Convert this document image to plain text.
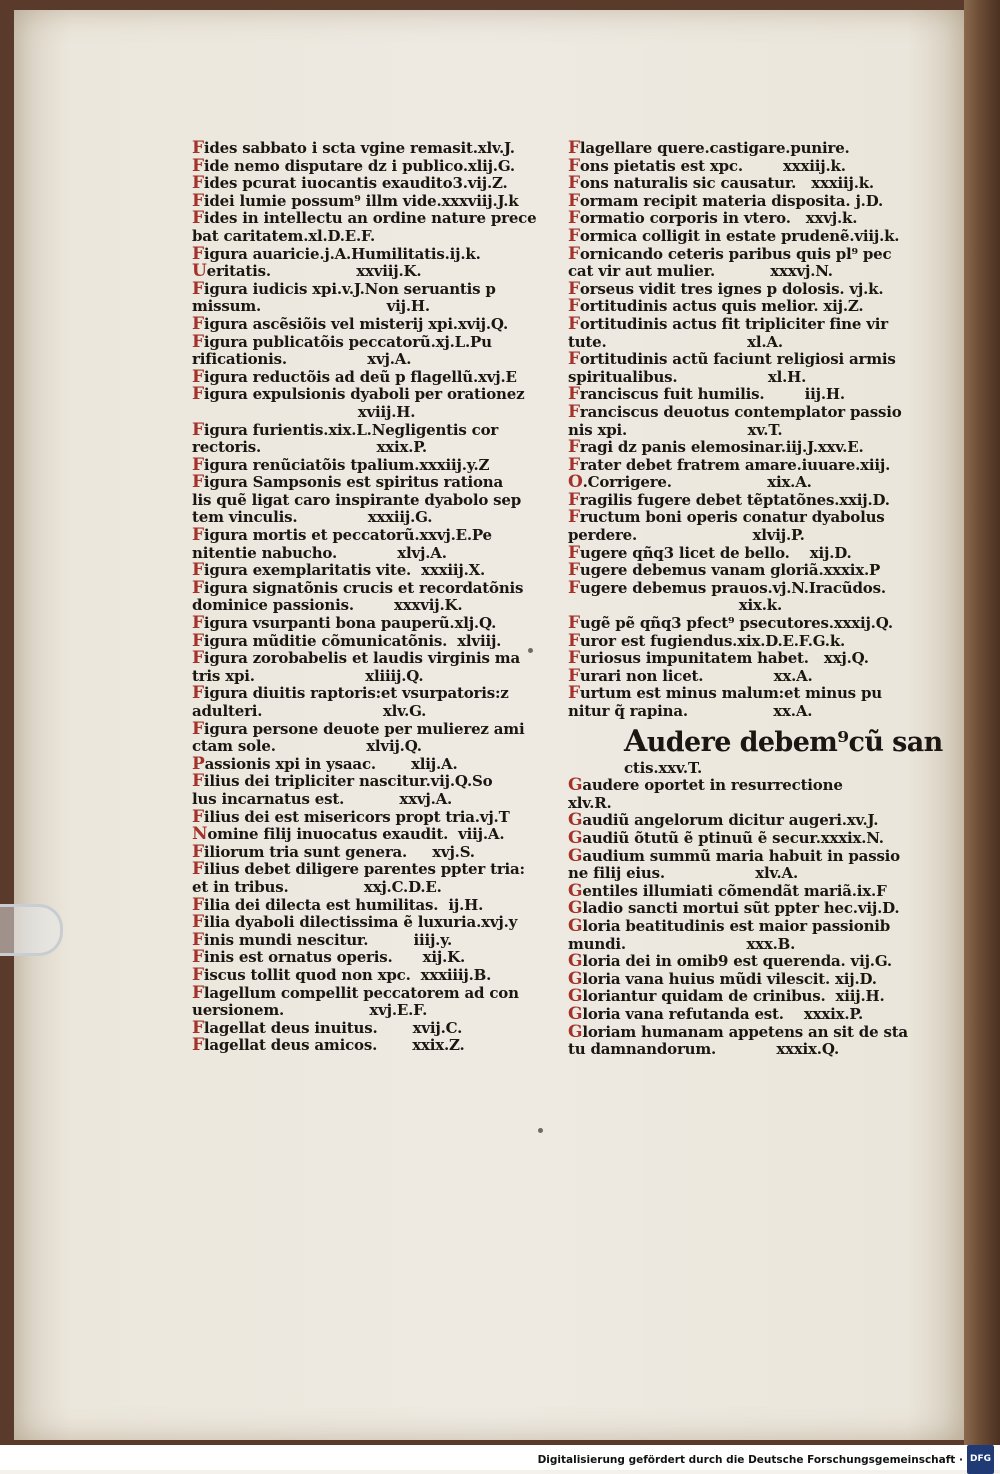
Fides sabbato i scta vgine remasit.xlv.J.
Fide nemo disputare dz i publico.xlij.G.
Fides pcurat iuocantis exaudito3.vij.Z.
Fidei lumie possum⁹ illm vide.xxxviij.J.k
Fides in intellectu an ordine nature prece
bat caritatem.xl.D.E.F.
Figura auaricie.j.A.Humilitatis.ij.k.
Ueritatis.                 xxviij.K.
Figura iudicis xpi.v.J.Non seruantis p
missum.                         vij.H.
Figura ascẽsiõis vel misterij xpi.xvij.Q.
Figura publicatõis peccatorũ.xj.L.Pu
rificationis.                xvj.A.
Figura reductõis ad deũ p flagellũ.xvj.E
Figura expulsionis dyaboli per orationez
xviij.H.
Figura furientis.xix.L.Negligentis cor
rectoris.                       xxix.P.
Figura renũciatõis tpalium.xxxiij.y.Z
Figura Sampsonis est spiritus rationa
lis quẽ ligat caro inspirante dyabolo sep
tem vinculis.              xxxiij.G.
Figura mortis et peccatorũ.xxvj.E.Pe
nitentie nabucho.            xlvj.A.
Figura exemplaritatis vite.  xxxiij.X.
Figura signatõnis crucis et recordatõnis
dominice passionis.        xxxvij.K.
Figura vsurpanti bona pauperũ.xlj.Q.
Figura mũditie cõmunicatõnis.  xlviij.
Figura zorobabelis et laudis virginis ma
tris xpi.                      xliiij.Q.
Figura diuitis raptoris:et vsurpatoris:z
adulteri.                        xlv.G.
Figura persone deuote per mulierez ami
ctam sole.                  xlvij.Q.
Passionis xpi in ysaac.       xlij.A.
Filius dei tripliciter nascitur.vij.Q.So
lus incarnatus est.           xxvj.A.
Filius dei est misericors propt tria.vj.T
Nomine filij inuocatus exaudit.  viij.A.
Filiorum tria sunt genera.     xvj.S.
Filius debet diligere parentes ppter tria:
et in tribus.               xxj.C.D.E.
Filia dei dilecta est humilitas.  ij.H.
Filia dyaboli dilectissima ẽ luxuria.xvj.y
Finis mundi nescitur.         iiij.y.
Finis est ornatus operis.      xij.K.
Fiscus tollit quod non xpc.  xxxiiij.B.
Flagellum compellit peccatorem ad con
uersionem.                 xvj.E.F.
Flagellat deus inuitus.       xvij.C.
Flagellat deus amicos.       xxix.Z.
Flagellare quere.castigare.punire.
Fons pietatis est xpc.        xxxiij.k.
Fons naturalis sic causatur.   xxxiij.k.
Formam recipit materia disposita. j.D.
Formatio corporis in vtero.   xxvj.k.
Formica colligit in estate prudenẽ.viij.k.
Fornicando ceteris paribus quis pl⁹ pec
cat vir aut mulier.           xxxvj.N.
Forseus vidit tres ignes p dolosis. vj.k.
Fortitudinis actus quis melior. xij.Z.
Fortitudinis actus fit tripliciter fine vir
tute.                            xl.A.
Fortitudinis actũ faciunt religiosi armis
spiritualibus.                  xl.H.
Franciscus fuit humilis.        iij.H.
Franciscus deuotus contemplator passio
nis xpi.                        xv.T.
Fragi dz panis elemosinar.iij.J.xxv.E.
Frater debet fratrem amare.iuuare.xiij.
O.Corrigere.                   xix.A.
Fragilis fugere debet tẽptatõnes.xxij.D.
Fructum boni operis conatur dyabolus
perdere.                       xlvij.P.
Fugere qñq3 licet de bello.    xij.D.
Fugere debemus vanam gloriã.xxxix.P
Fugere debemus prauos.vj.N.Iracũdos.
xix.k.
Fugẽ pẽ qñq3 pfect⁹ psecutores.xxxij.Q.
Furor est fugiendus.xix.D.E.F.G.k.
Furiosus impunitatem habet.   xxj.Q.
Furari non licet.              xx.A.
Furtum est minus malum:et minus pu
nitur q̃ rapina.                 xx.A.
Audere debem⁹cũ san
ctis.xxv.T.
Gaudere oportet in resurrectione
xlv.R.
Gaudiũ angelorum dicitur augeri.xv.J.
Gaudiũ õtutũ ẽ ptinuũ ẽ secur.xxxix.N.
Gaudium summũ maria habuit in passio
ne filij eius.                  xlv.A.
Gentiles illumiati cõmendãt mariã.ix.F
Gladio sancti mortui sũt ppter hec.vij.D.
Gloria beatitudinis est maior passionib
mundi.                        xxx.B.
Gloria dei in omib9 est querenda. vij.G.
Gloria vana huius mũdi vilescit. xij.D.
Gloriantur quidam de crinibus.  xiij.H.
Gloria vana refutanda est.    xxxix.P.
Gloriam humanam appetens an sit de sta
tu damnandorum.            xxxix.Q.
Digitalisierung gefördert durch die Deutsche Forschungsgemeinschaft · DFG
